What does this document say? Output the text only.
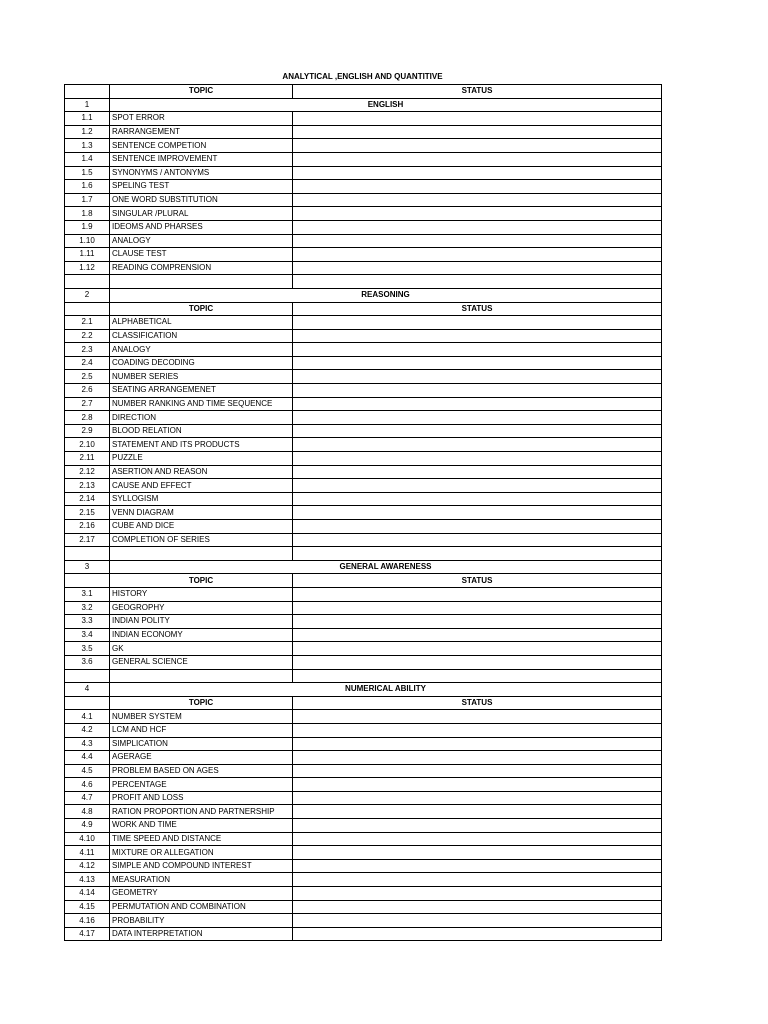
ANALYTICAL ,ENGLISH AND QUANTITIVE
	TOPIC	STATUS
1	ENGLISH	
1.1	SPOT ERROR	
1.2	RARRANGEMENT	
1.3	SENTENCE COMPETION	
1.4	SENTENCE IMPROVEMENT	
1.5	SYNONYMS / ANTONYMS	
1.6	SPELING TEST	
1.7	ONE WORD SUBSTITUTION	
1.8	SINGULAR /PLURAL	
1.9	IDEOMS AND PHARSES	
1.10	ANALOGY	
1.11	CLAUSE TEST	
1.12	READING COMPRENSION	

2	REASONING	
	TOPIC	STATUS
2.1	ALPHABETICAL	
2.2	CLASSIFICATION	
2.3	ANALOGY	
2.4	COADING DECODING	
2.5	NUMBER SERIES	
2.6	SEATING ARRANGEMENET	
2.7	NUMBER RANKING AND TIME SEQUENCE	
2.8	DIRECTION	
2.9	BLOOD RELATION	
2.10	STATEMENT AND ITS PRODUCTS	
2.11	PUZZLE	
2.12	ASERTION AND REASON	
2.13	CAUSE AND EFFECT	
2.14	SYLLOGISM	
2.15	VENN DIAGRAM	
2.16	CUBE AND DICE	
2.17	COMPLETION OF SERIES	

3	GENERAL AWARENESS	
	TOPIC	STATUS
3.1	HISTORY	
3.2	GEOGROPHY	
3.3	INDIAN POLITY	
3.4	INDIAN ECONOMY	
3.5	GK	
3.6	GENERAL SCIENCE	

4	NUMERICAL ABILITY	
	TOPIC	STATUS
4.1	NUMBER SYSTEM	
4.2	LCM AND HCF	
4.3	SIMPLICATION	
4.4	AGERAGE	
4.5	PROBLEM BASED ON AGES	
4.6	PERCENTAGE	
4.7	PROFIT AND LOSS	
4.8	RATION PROPORTION AND PARTNERSHIP	
4.9	WORK AND TIME	
4.10	TIME SPEED AND DISTANCE	
4.11	MIXTURE OR ALLEGATION	
4.12	SIMPLE AND COMPOUND INTEREST	
4.13	MEASURATION	
4.14	GEOMETRY	
4.15	PERMUTATION AND COMBINATION	
4.16	PROBABILITY	
4.17	DATA INTERPRETATION	
